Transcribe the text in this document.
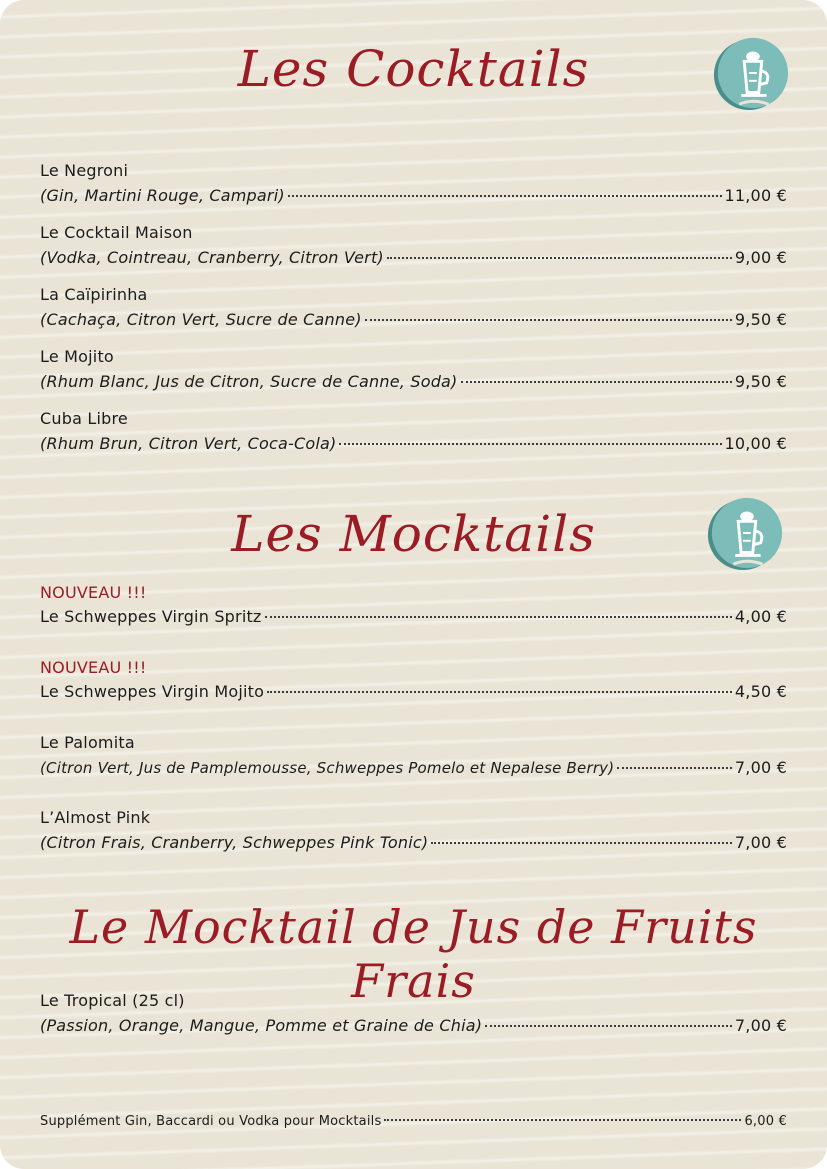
Les Cocktails
Le Negroni
(Gin, Martini Rouge, Campari)	11,00 €
Le Cocktail Maison
(Vodka, Cointreau, Cranberry, Citron Vert)	9,00 €
La Caïpirinha
(Cachaça, Citron Vert, Sucre de Canne)	9,50 €
Le Mojito
(Rhum Blanc, Jus de Citron, Sucre de Canne, Soda)	9,50 €
Cuba Libre
(Rhum Brun, Citron Vert, Coca-Cola)	10,00 €
Les Mocktails
NOUVEAU !!!
Le Schweppes Virgin Spritz	4,00 €
NOUVEAU !!!
Le Schweppes Virgin Mojito	4,50 €
Le Palomita
(Citron Vert, Jus de Pamplemousse, Schweppes Pomelo et Nepalese Berry)	7,00 €
L’Almost Pink
(Citron Frais, Cranberry, Schweppes Pink Tonic)	7,00 €
Le Mocktail de Jus de Fruits Frais
Le Tropical (25 cl)
(Passion, Orange, Mangue, Pomme et Graine de Chia)	7,00 €
Supplément Gin, Baccardi ou Vodka pour Mocktails	6,00 €
